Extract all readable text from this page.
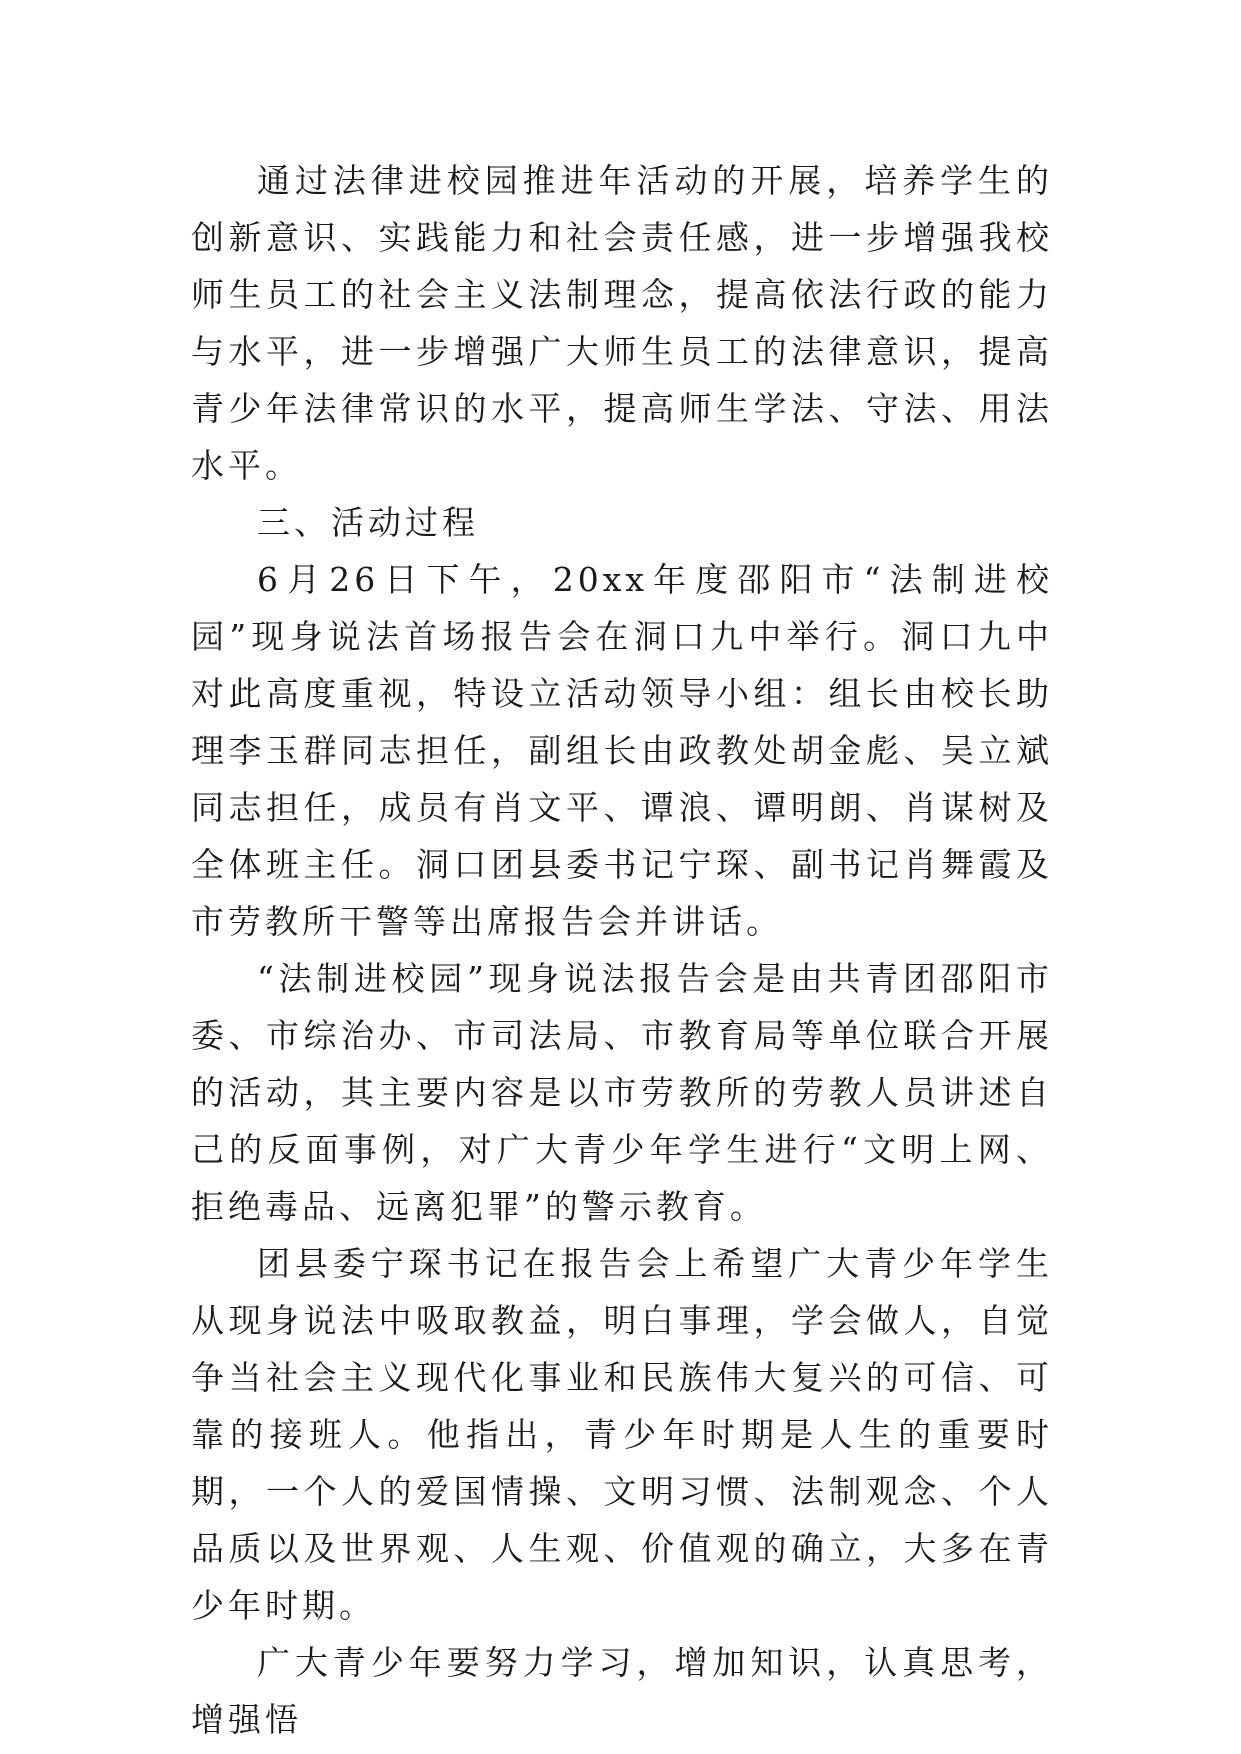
通过法律进校园推进年活动的开展，培养学生的创新意识、实践能力和社会责任感，进一步增强我校师生员工的社会主义法制理念，提高依法行政的能力与水平，进一步增强广大师生员工的法律意识，提高青少年法律常识的水平，提高师生学法、守法、用法水平。

三、活动过程

6月26日下午，20xx年度邵阳市“法制进校园”现身说法首场报告会在洞口九中举行。洞口九中对此高度重视，特设立活动领导小组：组长由校长助理李玉群同志担任，副组长由政教处胡金彪、吴立斌同志担任，成员有肖文平、谭浪、谭明朗、肖谋树及全体班主任。洞口团县委书记宁琛、副书记肖舞霞及市劳教所干警等出席报告会并讲话。

“法制进校园”现身说法报告会是由共青团邵阳市委、市综治办、市司法局、市教育局等单位联合开展的活动，其主要内容是以市劳教所的劳教人员讲述自己的反面事例，对广大青少年学生进行“文明上网、拒绝毒品、远离犯罪”的警示教育。

团县委宁琛书记在报告会上希望广大青少年学生从现身说法中吸取教益，明白事理，学会做人，自觉争当社会主义现代化事业和民族伟大复兴的可信、可靠的接班人。他指出，青少年时期是人生的重要时期，一个人的爱国情操、文明习惯、法制观念、个人品质以及世界观、人生观、价值观的确立，大多在青少年时期。

广大青少年要努力学习，增加知识，认真思考，增强悟
